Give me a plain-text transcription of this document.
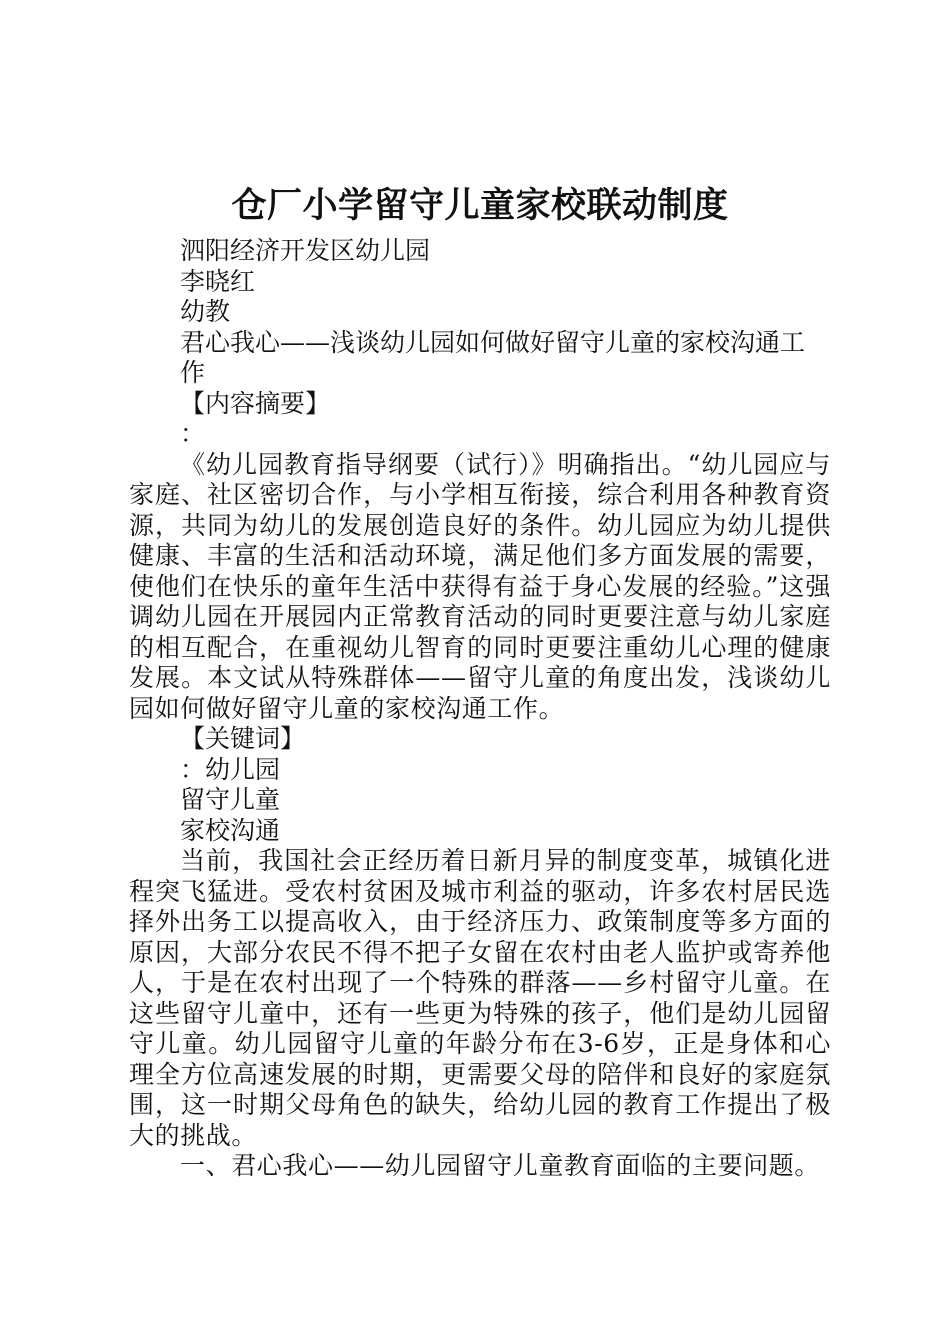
仓厂小学留守儿童家校联动制度

泗阳经济开发区幼儿园

李晓红

幼教

君心我心——浅谈幼儿园如何做好留守儿童的家校沟通工作

【内容摘要】

：

《幼儿园教育指导纲要（试行）》明确指出。“幼儿园应与家庭、社区密切合作，与小学相互衔接，综合利用各种教育资源，共同为幼儿的发展创造良好的条件。幼儿园应为幼儿提供健康、丰富的生活和活动环境，满足他们多方面发展的需要，使他们在快乐的童年生活中获得有益于身心发展的经验。”这强调幼儿园在开展园内正常教育活动的同时更要注意与幼儿家庭的相互配合，在重视幼儿智育的同时更要注重幼儿心理的健康发展。本文试从特殊群体——留守儿童的角度出发，浅谈幼儿园如何做好留守儿童的家校沟通工作。

【关键词】

：幼儿园

留守儿童

家校沟通

当前，我国社会正经历着日新月异的制度变革，城镇化进程突飞猛进。受农村贫困及城市利益的驱动，许多农村居民选择外出务工以提高收入，由于经济压力、政策制度等多方面的原因，大部分农民不得不把子女留在农村由老人监护或寄养他人，于是在农村出现了一个特殊的群落——乡村留守儿童。在这些留守儿童中，还有一些更为特殊的孩子，他们是幼儿园留守儿童。幼儿园留守儿童的年龄分布在3-6岁，正是身体和心理全方位高速发展的时期，更需要父母的陪伴和良好的家庭氛围，这一时期父母角色的缺失，给幼儿园的教育工作提出了极大的挑战。

一、君心我心——幼儿园留守儿童教育面临的主要问题。
